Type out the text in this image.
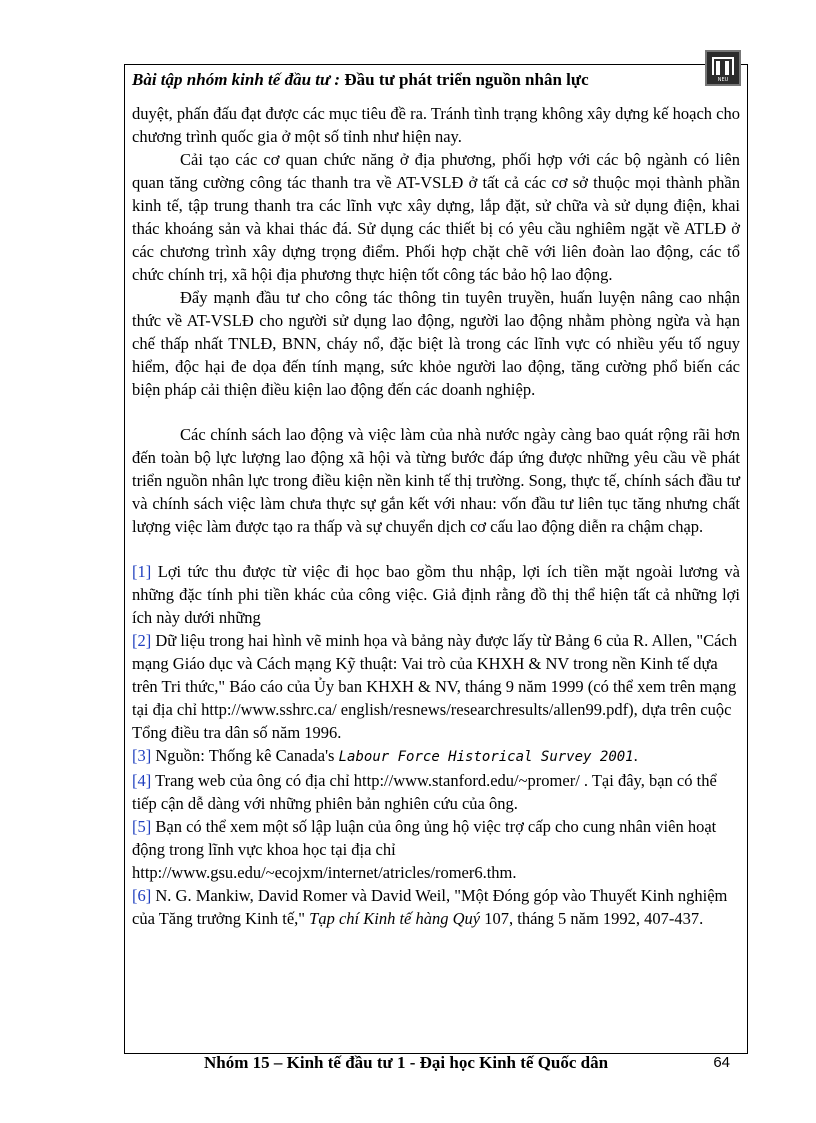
Bài tập nhóm kinh tế đầu tư : Đầu tư phát triển nguồn nhân lực	NEU

duyệt, phấn đấu đạt được các mục tiêu đề ra. Tránh tình trạng không xây dựng kế hoạch cho chương trình quốc gia ở một số tỉnh như hiện nay.

Cải tạo các cơ quan chức năng ở địa phương, phối hợp với các bộ ngành có liên quan tăng cường công tác thanh tra về AT-VSLĐ ở tất cả các cơ sở thuộc mọi thành phần kinh tế, tập trung thanh tra các lĩnh vực xây dựng, lắp đặt, sử chữa và sử dụng điện, khai thác khoáng sản và khai thác đá. Sử dụng các thiết bị có yêu cầu nghiêm ngặt về ATLĐ ở các chương trình xây dựng trọng điểm. Phối hợp chặt chẽ với liên đoàn lao động, các tổ chức chính trị, xã hội địa phương thực hiện tốt công tác bảo hộ lao động.

Đẩy mạnh đầu tư cho công tác thông tin tuyên truyền, huấn luyện nâng cao nhận thức về AT-VSLĐ cho người sử dụng lao động, người lao động nhằm phòng ngừa và hạn chế thấp nhất TNLĐ, BNN, cháy nổ, đặc biệt là trong các lĩnh vực có nhiều yếu tố nguy hiểm, độc hại đe dọa đến tính mạng, sức khỏe người lao động, tăng cường phổ biến các biện pháp cải thiện điều kiện lao động đến các doanh nghiệp.

Các chính sách lao động và việc làm của nhà nước ngày càng bao quát rộng rãi hơn đến toàn bộ lực lượng lao động xã hội và từng bước đáp ứng được những yêu cầu về phát triển nguồn nhân lực trong điều kiện nền kinh tế thị trường. Song, thực tế, chính sách đầu tư và chính sách việc làm chưa thực sự gắn kết với nhau: vốn đầu tư liên tục tăng nhưng chất lượng việc làm được tạo ra thấp và sự chuyển dịch cơ cấu lao động diễn ra chậm chạp.

[1] Lợi tức thu được từ việc đi học bao gồm thu nhập, lợi ích tiền mặt ngoài lương và những đặc tính phi tiền khác của công việc. Giả định rằng đồ thị thể hiện tất cả những lợi ích này dưới những

[2] Dữ liệu trong hai hình vẽ minh họa và bảng này được lấy từ Bảng 6 của R. Allen, "Cách mạng Giáo dục và Cách mạng Kỹ thuật: Vai trò của KHXH & NV trong nền Kinh tế dựa trên Tri thức," Báo cáo của Ủy ban KHXH & NV, tháng 9 năm 1999 (có thể xem trên mạng tại địa chỉ http://www.sshrc.ca/ english/resnews/researchresults/allen99.pdf), dựa trên cuộc Tổng điều tra dân số năm 1996.

[3] Nguồn: Thống kê Canada's Labour Force Historical Survey 2001.

[4] Trang web của ông có địa chỉ http://www.stanford.edu/~promer/ . Tại đây, bạn có thể tiếp cận dễ dàng với những phiên bản nghiên cứu của ông.

[5] Bạn có thể xem một số lập luận của ông ủng hộ việc trợ cấp cho cung nhân viên hoạt động trong lĩnh vực khoa học tại địa chỉ http://www.gsu.edu/~ecojxm/internet/atricles/romer6.thm.

[6] N. G. Mankiw, David Romer và David Weil, "Một Đóng góp vào Thuyết Kinh nghiệm của Tăng trưởng Kinh tế," Tạp chí Kinh tế hàng Quý 107, tháng 5 năm 1992, 407-437.

Nhóm 15 – Kinh tế đầu tư 1 - Đại học Kinh tế Quốc dân	64
